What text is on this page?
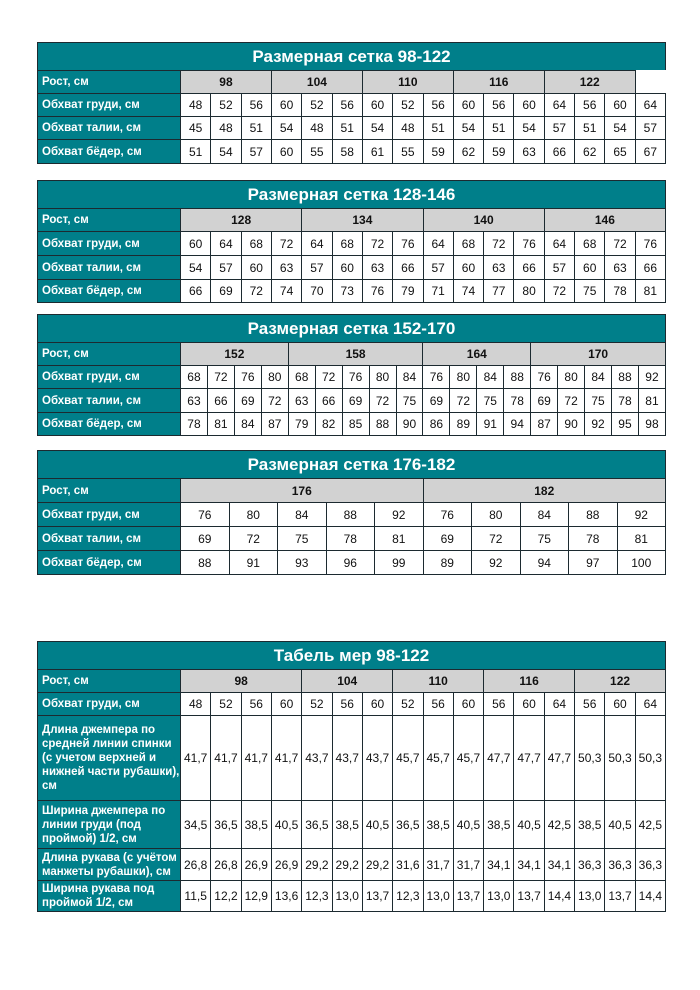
Размерная сетка 98-122
Рост, см	98			104			110			116			122			
Обхват груди, см	48	52	56	60	52	56	60	52	56	60	56	60	64	56	60	64
Обхват талии, см	45	48	51	54	48	51	54	48	51	54	51	54	57	51	54	57
Обхват бёдер, см	51	54	57	60	55	58	61	55	59	62	59	63	66	62	65	67
Размерная сетка 128-146
Рост, см	128				134				140				146			
Обхват груди, см	60	64	68	72	64	68	72	76	64	68	72	76	64	68	72	76
Обхват талии, см	54	57	60	63	57	60	63	66	57	60	63	66	57	60	63	66
Обхват бёдер, см	66	69	72	74	70	73	76	79	71	74	77	80	72	75	78	81
Размерная сетка 152-170
Рост, см	152				158					164				170				
Обхват груди, см	68	72	76	80	68	72	76	80	84	76	80	84	88	76	80	84	88	92
Обхват талии, см	63	66	69	72	63	66	69	72	75	69	72	75	78	69	72	75	78	81
Обхват бёдер, см	78	81	84	87	79	82	85	88	90	86	89	91	94	87	90	92	95	98
Размерная сетка 176-182
Рост, см	176					182				
Обхват груди, см	76	80	84	88	92	76	80	84	88	92
Обхват талии, см	69	72	75	78	81	69	72	75	78	81
Обхват бёдер, см	88	91	93	96	99	89	92	94	97	100
Табель мер 98-122
Рост, см	98				104			110			116			122		
Обхват груди, см	48	52	56	60	52	56	60	52	56	60	56	60	64	56	60	64
Длина джемпера по средней линии спинки (с учетом верхней и нижней части рубашки), см	41,7	41,7	41,7	41,7	43,7	43,7	43,7	45,7	45,7	45,7	47,7	47,7	47,7	50,3	50,3	50,3
Ширина джемпера по линии груди (под проймой) 1/2, см	34,5	36,5	38,5	40,5	36,5	38,5	40,5	36,5	38,5	40,5	38,5	40,5	42,5	38,5	40,5	42,5
Длина рукава (с учётом манжеты рубашки), см	26,8	26,8	26,9	26,9	29,2	29,2	29,2	31,6	31,7	31,7	34,1	34,1	34,1	36,3	36,3	36,3
Ширина рукава под проймой 1/2, см	11,5	12,2	12,9	13,6	12,3	13,0	13,7	12,3	13,0	13,7	13,0	13,7	14,4	13,0	13,7	14,4
